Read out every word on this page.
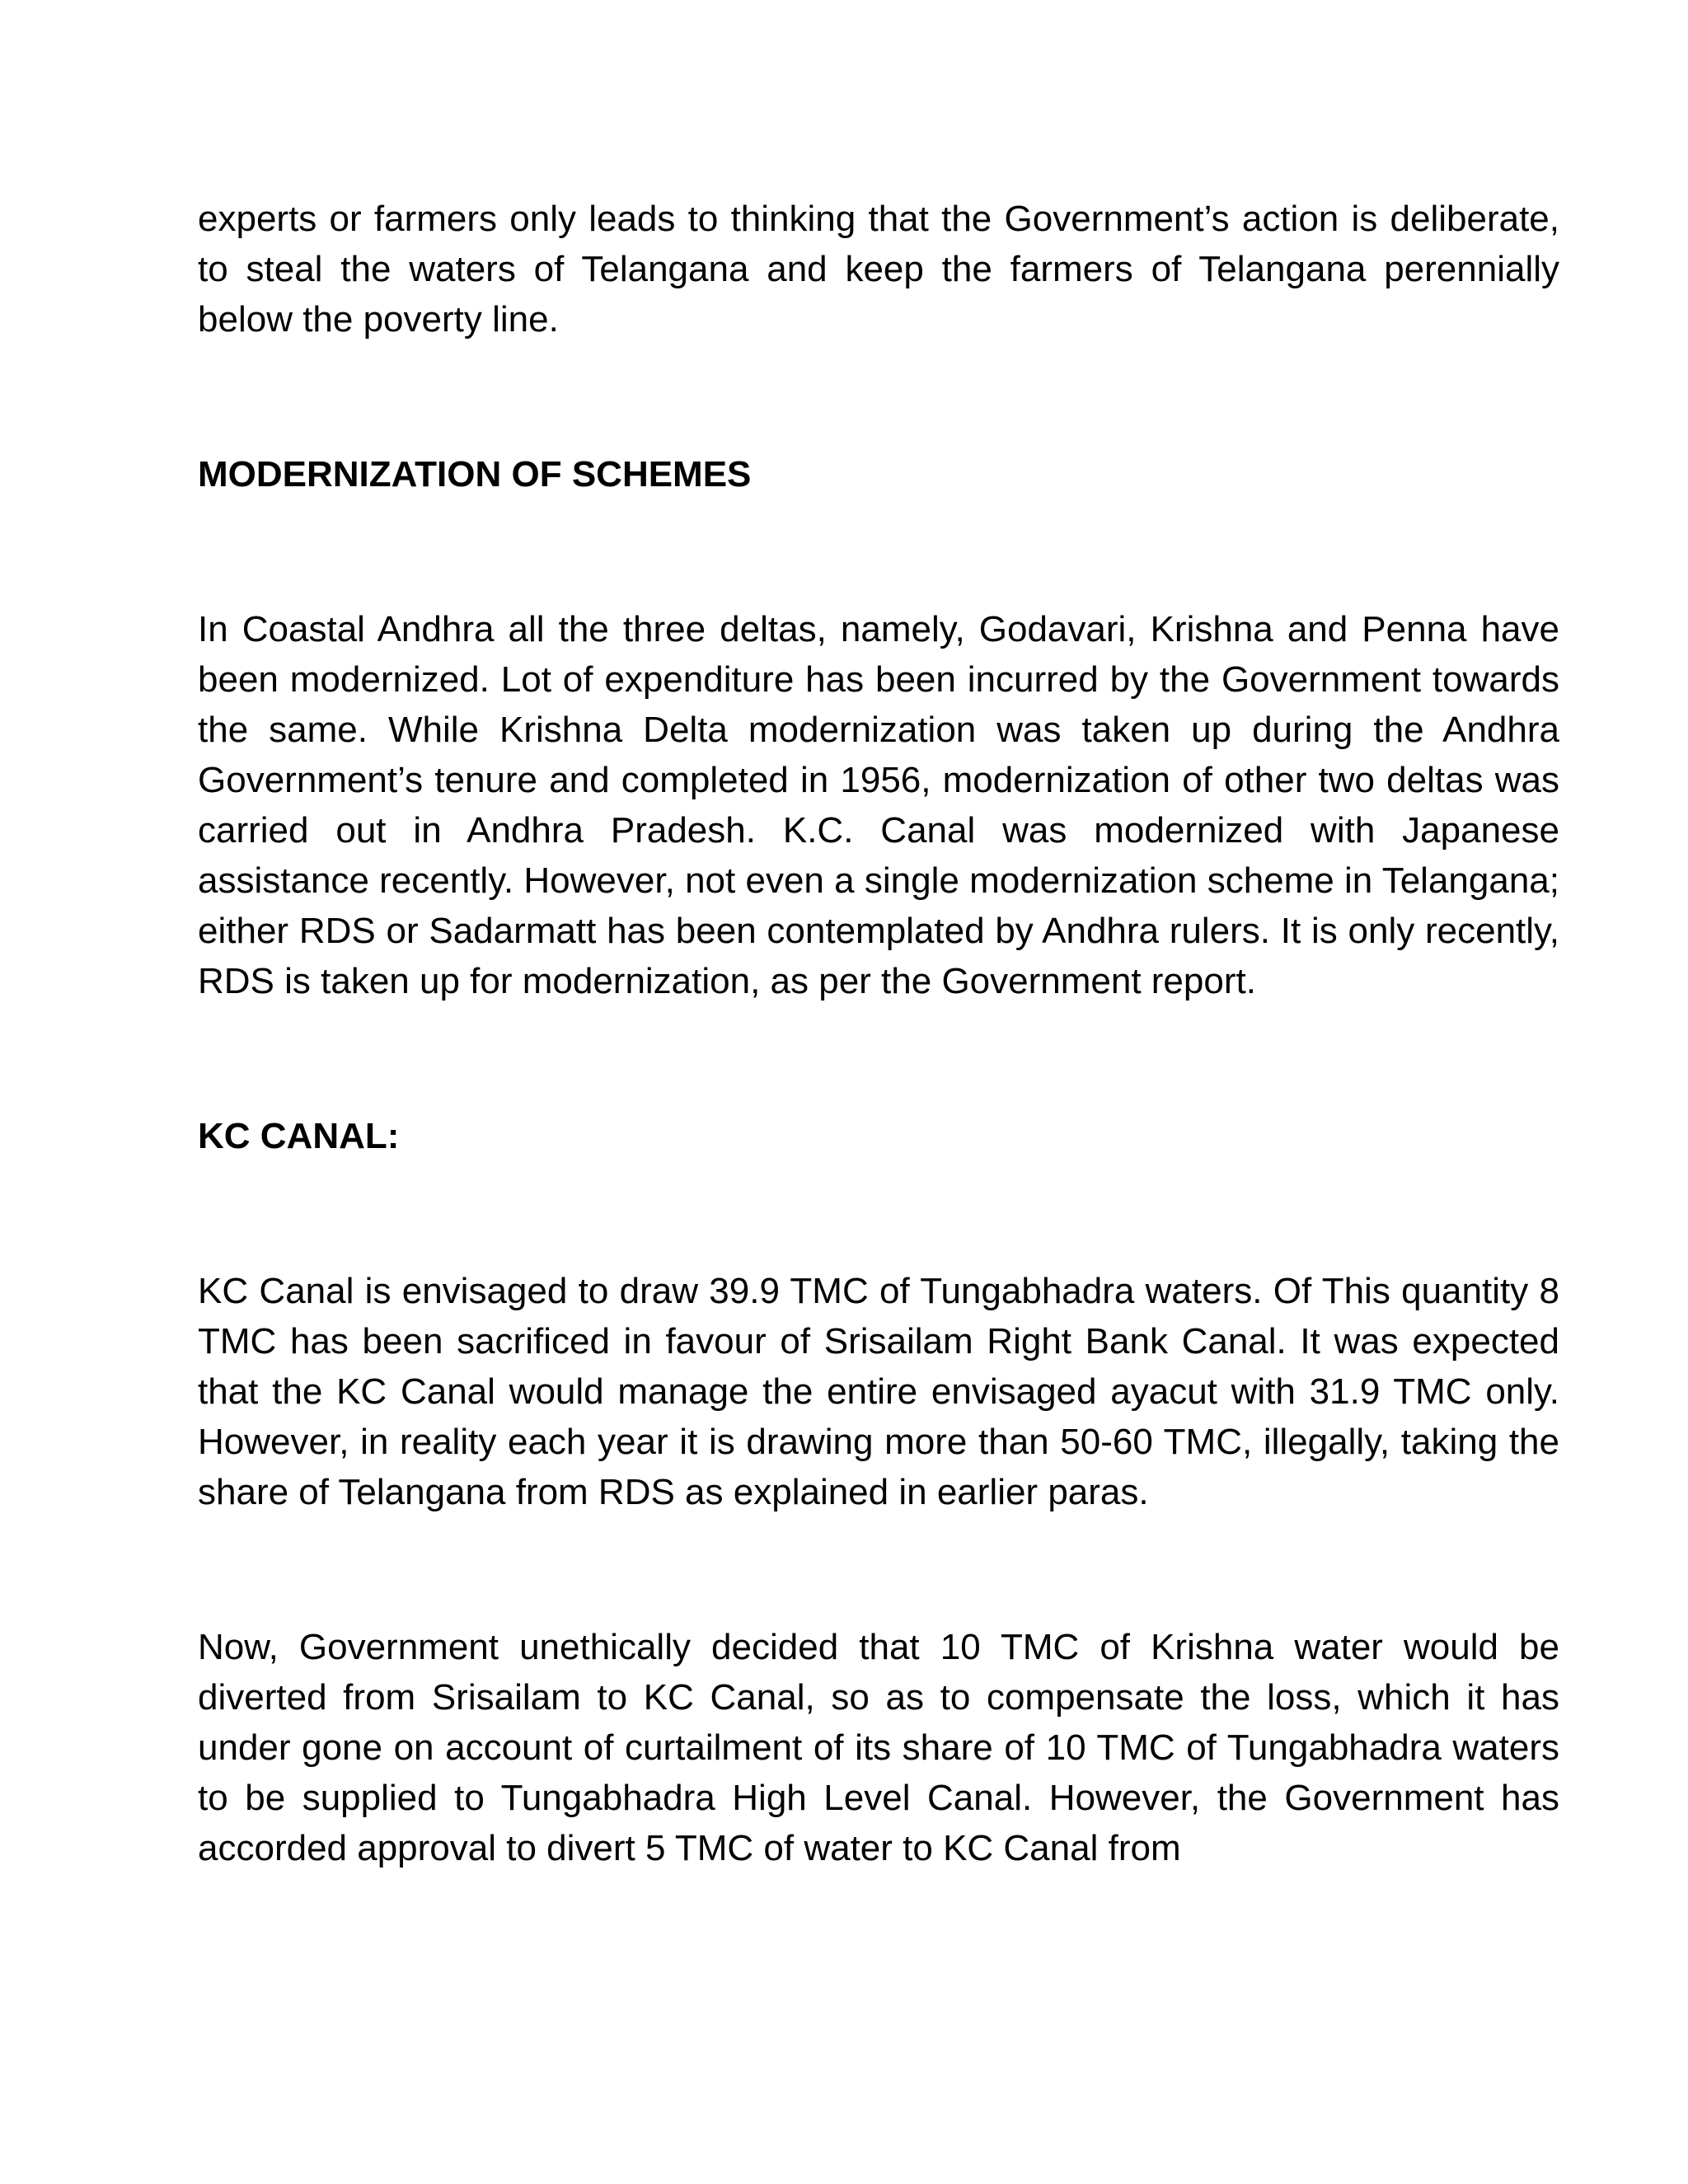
experts or farmers only leads to thinking that the Government’s action is deliberate, to steal the waters of Telangana and keep the farmers of Telangana perennially below the poverty line.

MODERNIZATION OF SCHEMES

In Coastal Andhra all the three deltas, namely, Godavari, Krishna and Penna have been modernized. Lot of expenditure has been incurred by the Government towards the same. While Krishna Delta modernization was taken up during the Andhra Government’s tenure and completed in 1956, modernization of other two deltas was carried out in Andhra Pradesh. K.C. Canal was modernized with Japanese assistance recently. However, not even a single modernization scheme in Telangana; either RDS or Sadarmatt has been contemplated by Andhra rulers. It is only recently, RDS is taken up for modernization, as per the Government report.

KC CANAL:

KC Canal is envisaged to draw 39.9 TMC of Tungabhadra waters. Of This quantity 8 TMC has been sacrificed in favour of Srisailam Right Bank Canal. It was expected that the KC Canal would manage the entire envisaged ayacut with 31.9 TMC only. However, in reality each year it is drawing more than 50-60 TMC, illegally, taking the share of Telangana from RDS as explained in earlier paras.

Now, Government unethically decided that 10 TMC of Krishna water would be diverted from Srisailam to KC Canal, so as to compensate the loss, which it has under gone on account of curtailment of its share of 10 TMC of Tungabhadra waters to be supplied to Tungabhadra High Level Canal. However, the Government has accorded approval to divert 5 TMC of water to KC Canal from
